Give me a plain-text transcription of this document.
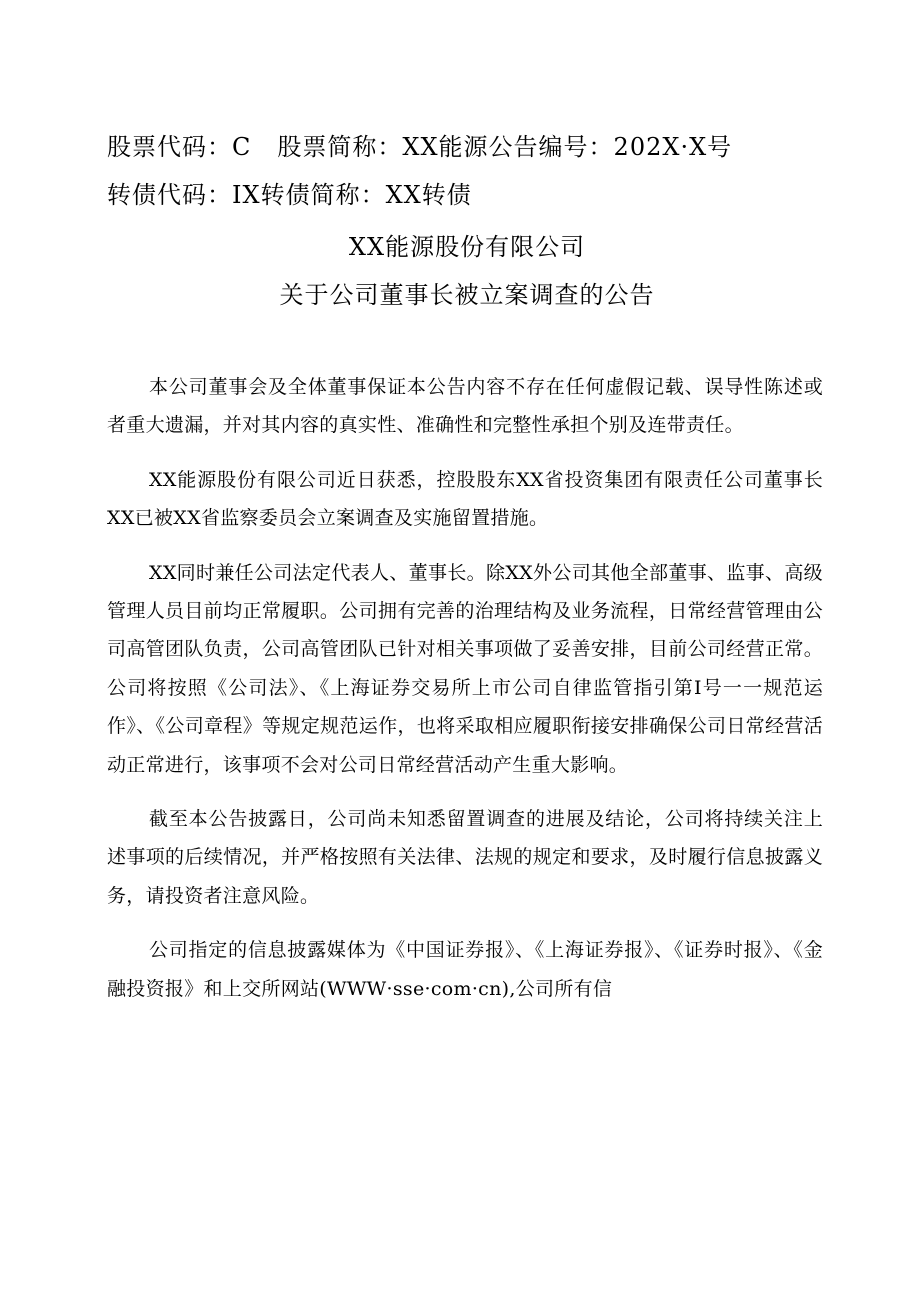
股票代码：C 股票简称：XX能源公告编号：202X·X号
转债代码：IX转债简称：XX转债
XX能源股份有限公司
关于公司董事长被立案调查的公告

本公司董事会及全体董事保证本公告内容不存在任何虚假记载、误导性陈述或者重大遗漏，并对其内容的真实性、准确性和完整性承担个别及连带责任。

XX能源股份有限公司近日获悉，控股股东XX省投资集团有限责任公司董事长XX已被XX省监察委员会立案调查及实施留置措施。

XX同时兼任公司法定代表人、董事长。除XX外公司其他全部董事、监事、高级管理人员目前均正常履职。公司拥有完善的治理结构及业务流程，日常经营管理由公司高管团队负责，公司高管团队已针对相关事项做了妥善安排，目前公司经营正常。公司将按照《公司法》、《上海证券交易所上市公司自律监管指引第I号一一规范运作》、《公司章程》等规定规范运作，也将采取相应履职衔接安排确保公司日常经营活动正常进行，该事项不会对公司日常经营活动产生重大影响。

截至本公告披露日，公司尚未知悉留置调查的进展及结论，公司将持续关注上述事项的后续情况，并严格按照有关法律、法规的规定和要求，及时履行信息披露义务，请投资者注意风险。

公司指定的信息披露媒体为《中国证券报》、《上海证券报》、《证券时报》、《金融投资报》和上交所网站(WWW·sse·com·cn),公司所有信
